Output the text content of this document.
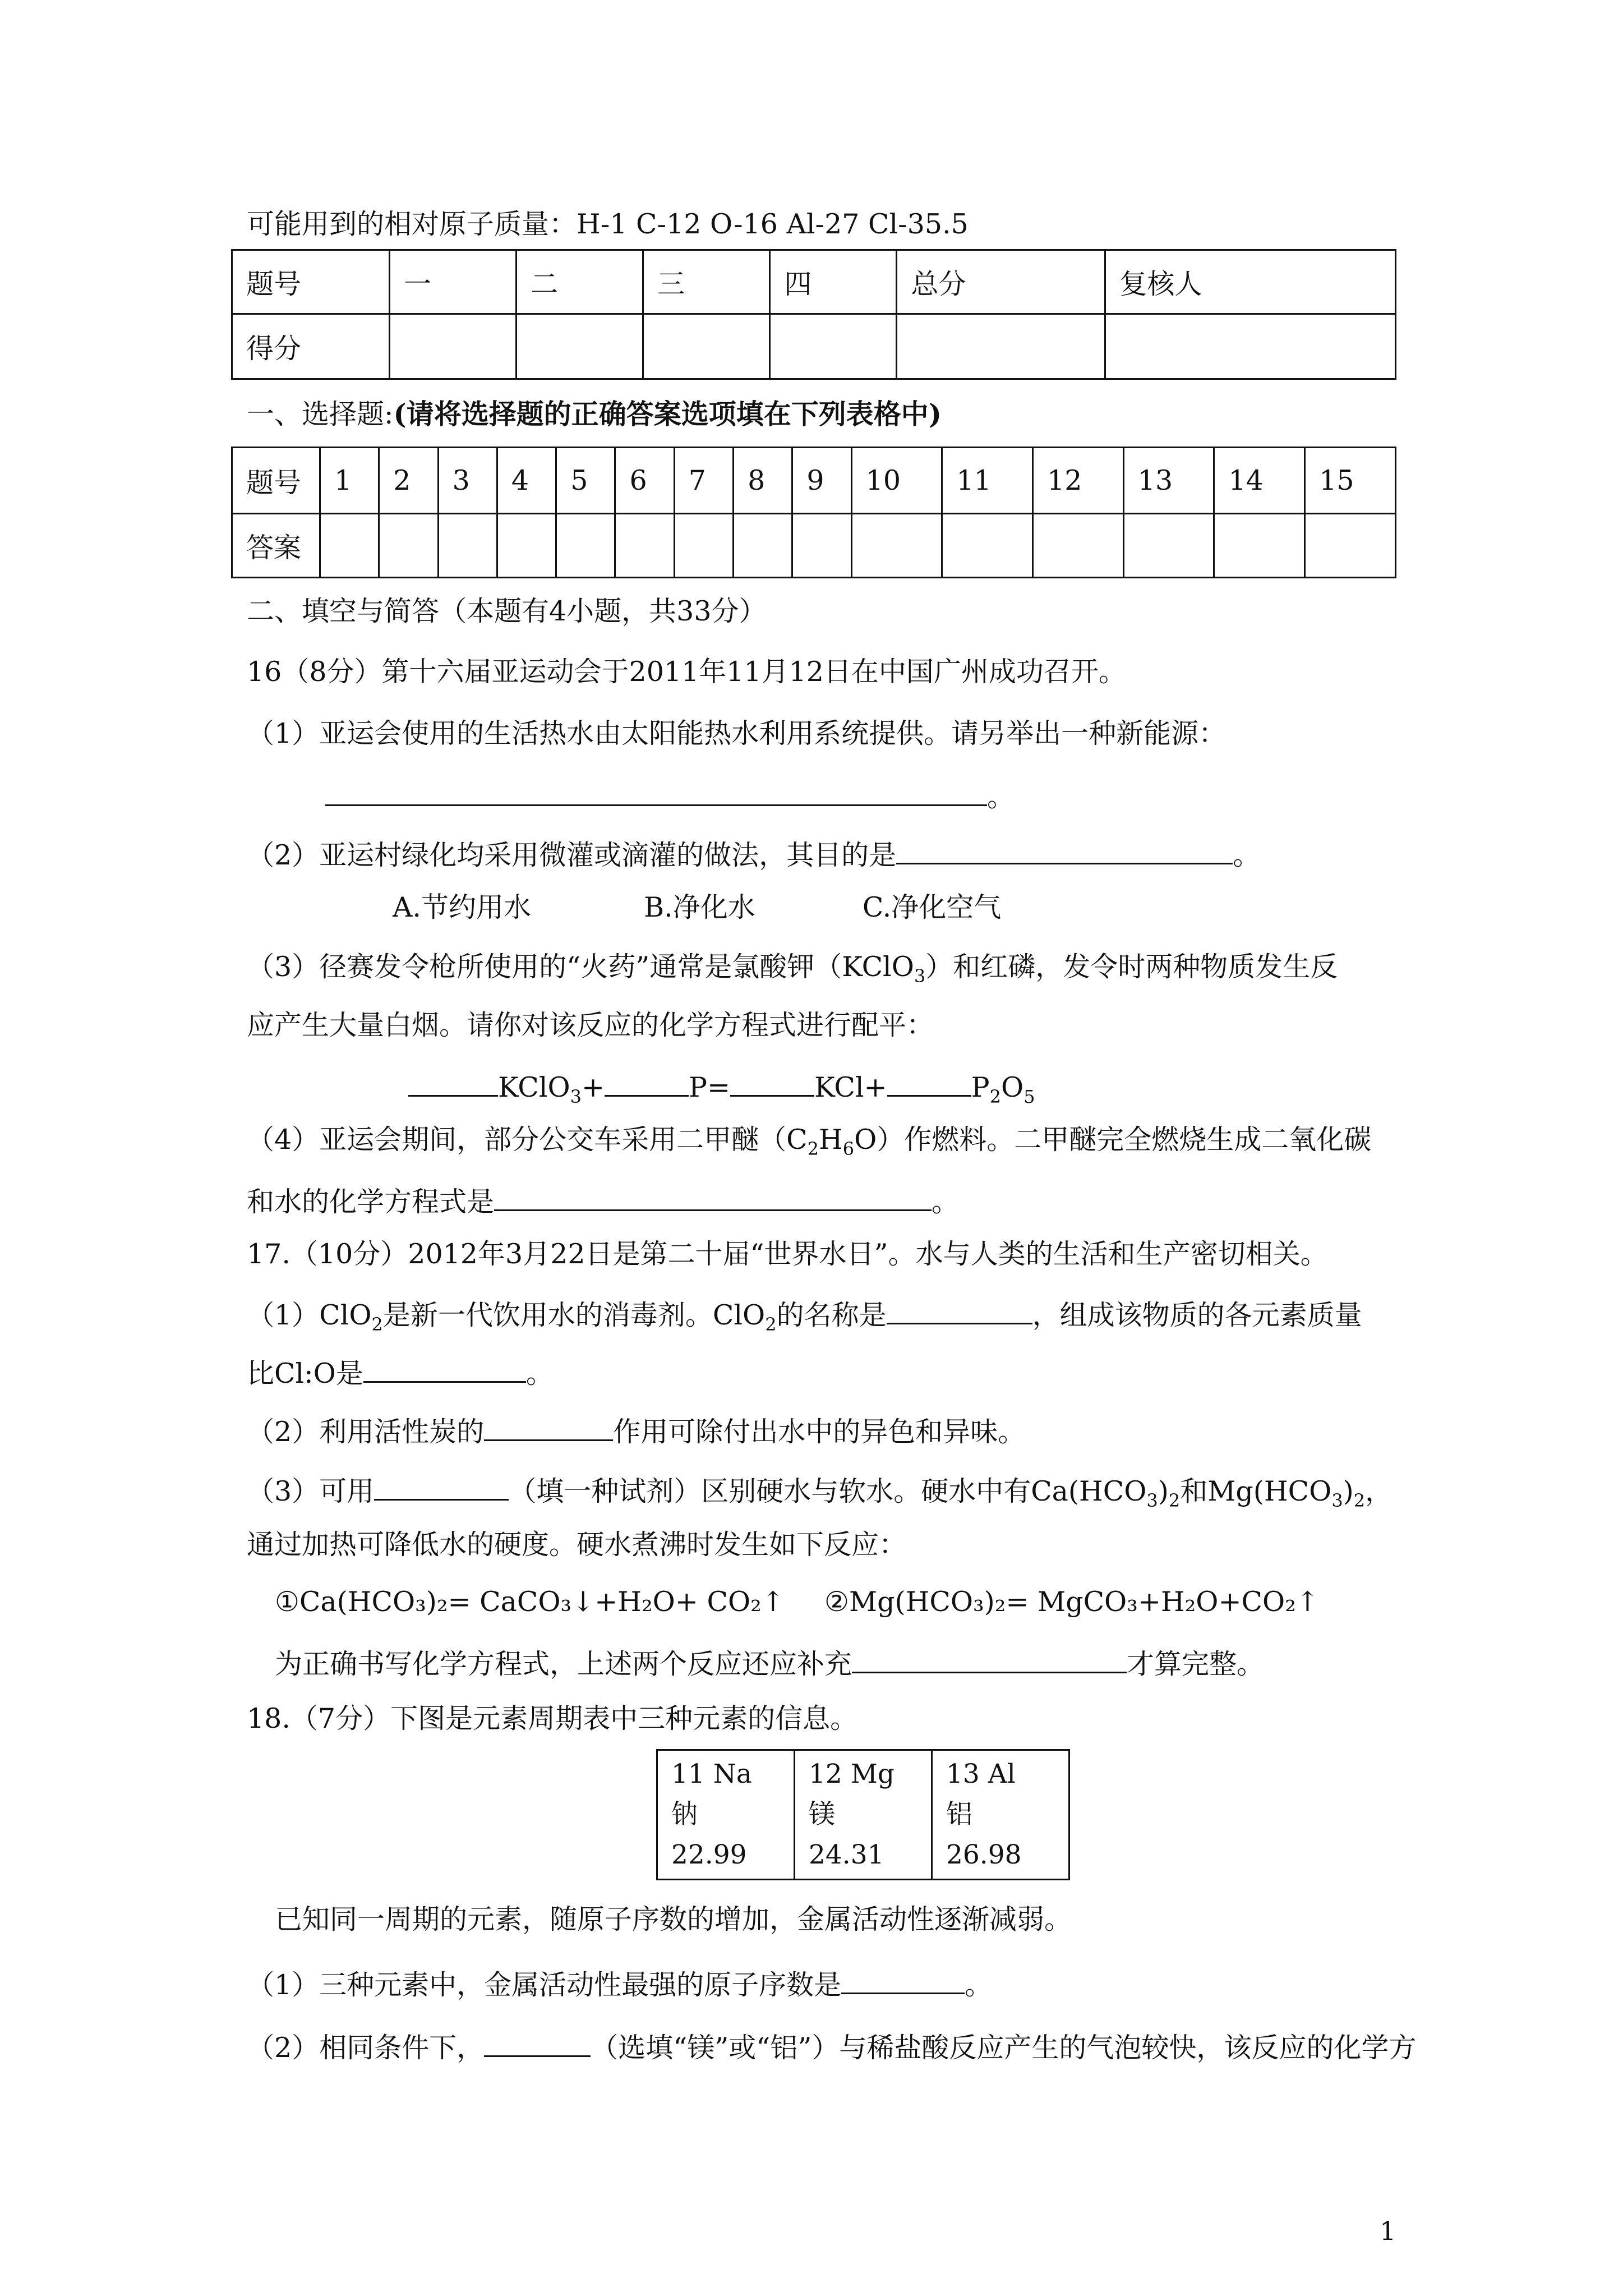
可能用到的相对原子质量：H-1 C-12 O-16 Al-27 Cl-35.5
题号	一	二	三	四	总分	复核人
得分						
一、选择题:(请将选择题的正确答案选项填在下列表格中)
题号	1	2	3	4	5	6	7	8	9	10	11	12	13	14	15
答案															
二、填空与简答（本题有4小题，共33分）
16（8分）第十六届亚运动会于2011年11月12日在中国广州成功召开。
（1）亚运会使用的生活热水由太阳能热水利用系统提供。请另举出一种新能源：
。
（2）亚运村绿化均采用微灌或滴灌的做法，其目的是	。
A.节约用水	B.净化水	C.净化空气
（3）径赛发令枪所使用的“火药”通常是氯酸钾（KClO$_3$）和红磷，发令时两种物质发生反
应产生大量白烟。请你对该反应的化学方程式进行配平：
KClO$_3$+	P=	KCl+	$P_2O_5$
（4）亚运会期间，部分公交车采用二甲醚$(C_2H_6O)$作燃料。二甲醚完全燃烧生成二氧化碳
和水的化学方程式是	。
17.（10分）2012年3月22日是第二十届“世界水日”。水与人类的生活和生产密切相关。
（1）ClO$_2$是新一代饮用水的消毒剂。ClO$_2$的名称是	，组成该物质的各元素质量
比Cl:O是	。
（2）利用活性炭的	作用可除付出水中的异色和异味。
（3）可用	（填一种试剂）区别硬水与软水。硬水中有$Ca(HCO_3)_2$和$Mg(HCO_3)_2$，
通过加热可降低水的硬度。硬水煮沸时发生如下反应：
①Ca(HCO₃)₂= CaCO₃↓+H₂O+ CO₂↑ ②Mg(HCO₃)₂= MgCO₃+H₂O+CO₂↑
为正确书写化学方程式，上述两个反应还应补充	才算完整。
18.（7分）下图是元素周期表中三种元素的信息。
11 Na
钠
22.99

12 Mg
镁
24.31

13 Al
铝
26.98
已知同一周期的元素，随原子序数的增加，金属活动性逐渐减弱。
（1）三种元素中，金属活动性最强的原子序数是	。
（2）相同条件下，	（选填“镁”或“铝”）与稀盐酸反应产生的气泡较快，该反应的化学方
1
